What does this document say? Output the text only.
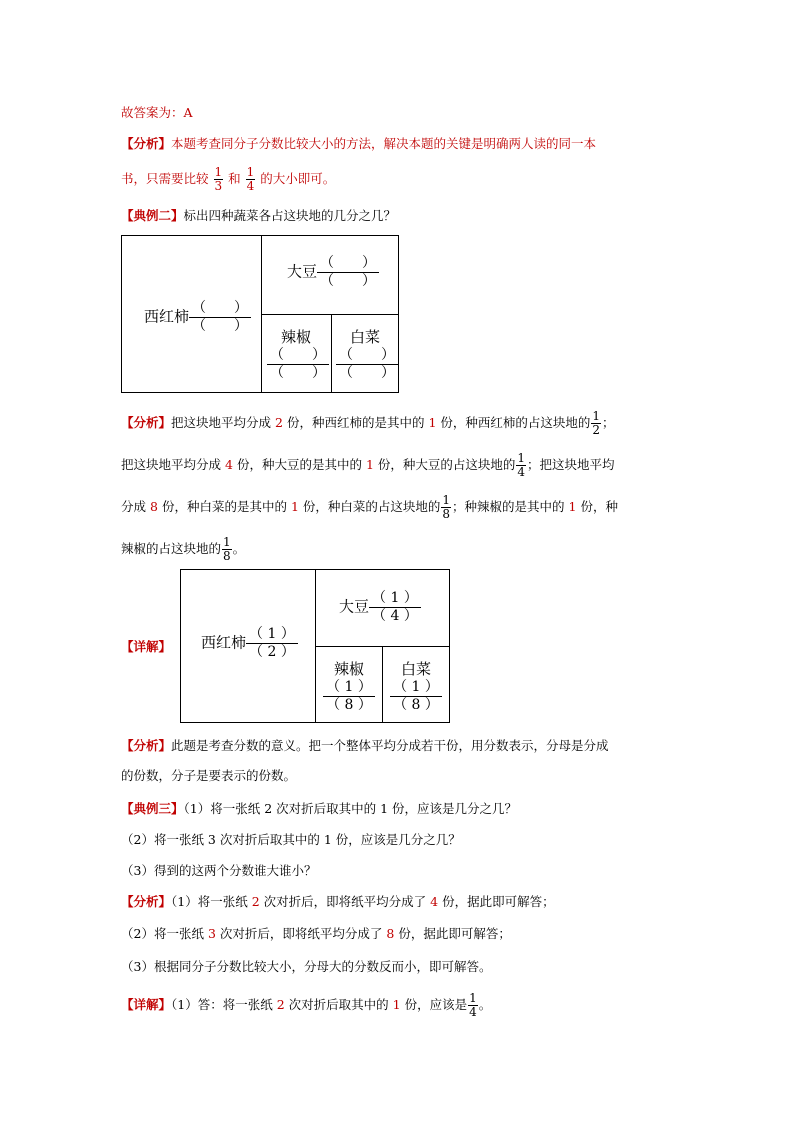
故答案为：A
【分析】本题考查同分子分数比较大小的方法，解决本题的关键是明确两人读的同一本
书，只需要比较 $\frac{1}{3}$ 和 $\frac{1}{4}$ 的大小即可。
【典例二】标出四种蔬菜各占这块地的几分之几？
西红柿 （　　）
（　　）
大豆 （　　）
（　　）
辣椒
（　　）
（　　）
白菜
（　　）
（　　）
【分析】把这块地平均分成 2 份，种西红柿的是其中的 1 份，种西红柿的占这块地的 $\frac{1}{2}$ ；
把这块地平均分成 4 份，种大豆的是其中的 1 份，种大豆的占这块地的 $\frac{1}{4}$ ；把这块地平均
分成 8 份，种白菜的是其中的 1 份，种白菜的占这块地的 $\frac{1}{8}$ ；种辣椒的是其中的 1 份，种
辣椒的占这块地的 $\frac{1}{8}$ 。
【详解】 西红柿 $\frac{( 1 )}{( 2 )}$
大豆 $\frac{( 1 )}{( 4 )}$
辣椒
$\frac{( 1 )}{( 8 )}$
白菜
$\frac{( 1 )}{( 8 )}$
【分析】此题是考查分数的意义。把一个整体平均分成若干份，用分数表示，分母是分成
的份数，分子是要表示的份数。
【典例三】（1）将一张纸 2 次对折后取其中的 1 份，应该是几分之几？
（2）将一张纸 3 次对折后取其中的 1 份，应该是几分之几？
（3）得到的这两个分数谁大谁小？
【分析】（1）将一张纸 2 次对折后，即将纸平均分成了 4 份，据此即可解答；
（2）将一张纸 3 次对折后，即将纸平均分成了 8 份，据此即可解答；
（3）根据同分子分数比较大小，分母大的分数反而小，即可解答。
【详解】（1）答：将一张纸 2 次对折后取其中的 1 份，应该是 $\frac{1}{4}$ 。
